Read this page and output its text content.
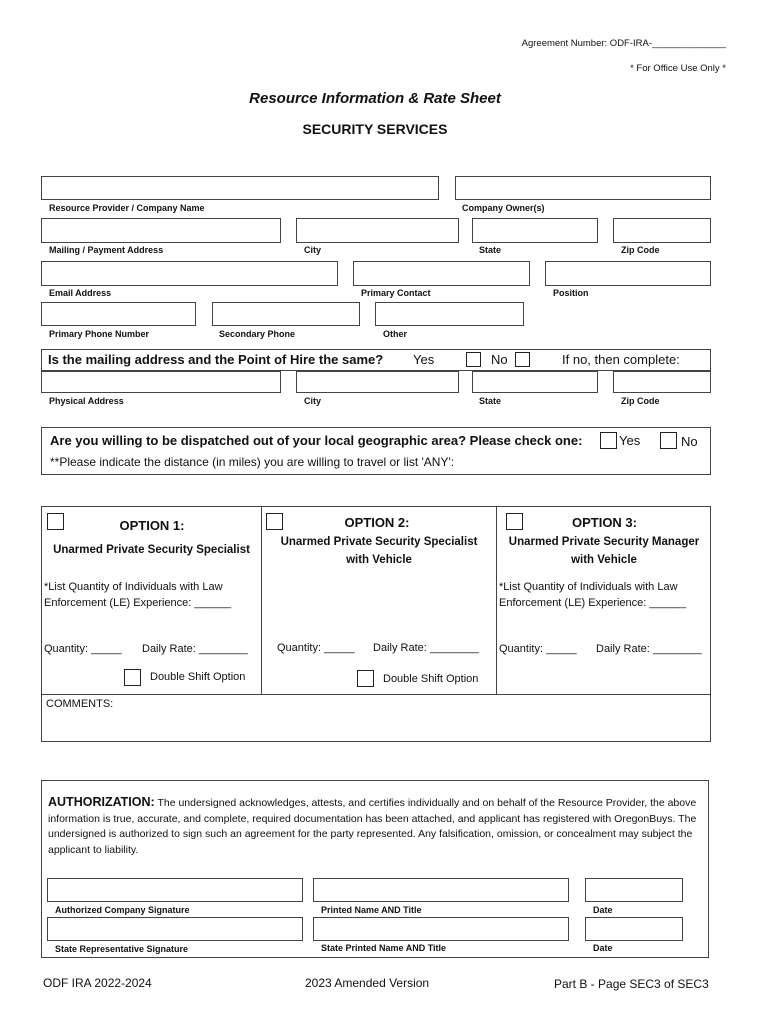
Agreement Number: ODF-IRA-______________
* For Office Use Only *
Resource Information & Rate Sheet
SECURITY SERVICES
Resource Provider / Company Name	Company Owner(s)
Mailing / Payment Address	City	State	Zip Code
Email Address	Primary Contact	Position
Primary Phone Number	Secondary Phone	Other
Is the mailing address and the Point of Hire the same? Yes	No	If no, then complete:
Physical Address	City	State	Zip Code
Are you willing to be dispatched out of your local geographic area? Please check one:	Yes	No
**Please indicate the distance (in miles) you are willing to travel or list 'ANY':
OPTION 1:
Unarmed Private Security Specialist
*List Quantity of Individuals with Law Enforcement (LE) Experience: ______
Quantity: _____ Daily Rate: ________
Double Shift Option
OPTION 2:
Unarmed Private Security Specialist with Vehicle
Quantity: _____ Daily Rate: ________
Double Shift Option
OPTION 3:
Unarmed Private Security Manager with Vehicle
*List Quantity of Individuals with Law Enforcement (LE) Experience: ______
Quantity: _____ Daily Rate: ________
COMMENTS:
AUTHORIZATION: The undersigned acknowledges, attests, and certifies individually and on behalf of the Resource Provider, the above information is true, accurate, and complete, required documentation has been attached, and applicant has registered with OregonBuys. The undersigned is authorized to sign such an agreement for the party represented. Any falsification, omission, or concealment may subject the applicant to liability.
Authorized Company Signature	Printed Name AND Title	Date
State Representative Signature	State Printed Name AND Title	Date
ODF IRA 2022-2024	2023 Amended Version	Part B - Page SEC3 of SEC3
